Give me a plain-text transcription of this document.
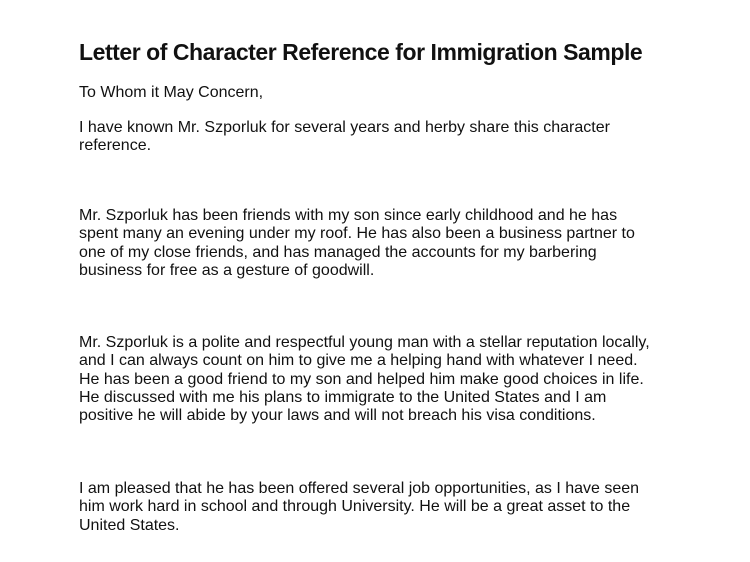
Letter of Character Reference for Immigration Sample

To Whom it May Concern,

I have known Mr. Szporluk for several years and herby share this character
reference.

Mr. Szporluk has been friends with my son since early childhood and he has
spent many an evening under my roof. He has also been a business partner to
one of my close friends, and has managed the accounts for my barbering
business for free as a gesture of goodwill.

Mr. Szporluk is a polite and respectful young man with a stellar reputation locally,
and I can always count on him to give me a helping hand with whatever I need.
He has been a good friend to my son and helped him make good choices in life.
He discussed with me his plans to immigrate to the United States and I am
positive he will abide by your laws and will not breach his visa conditions.

I am pleased that he has been offered several job opportunities, as I have seen
him work hard in school and through University. He will be a great asset to the
United States.
